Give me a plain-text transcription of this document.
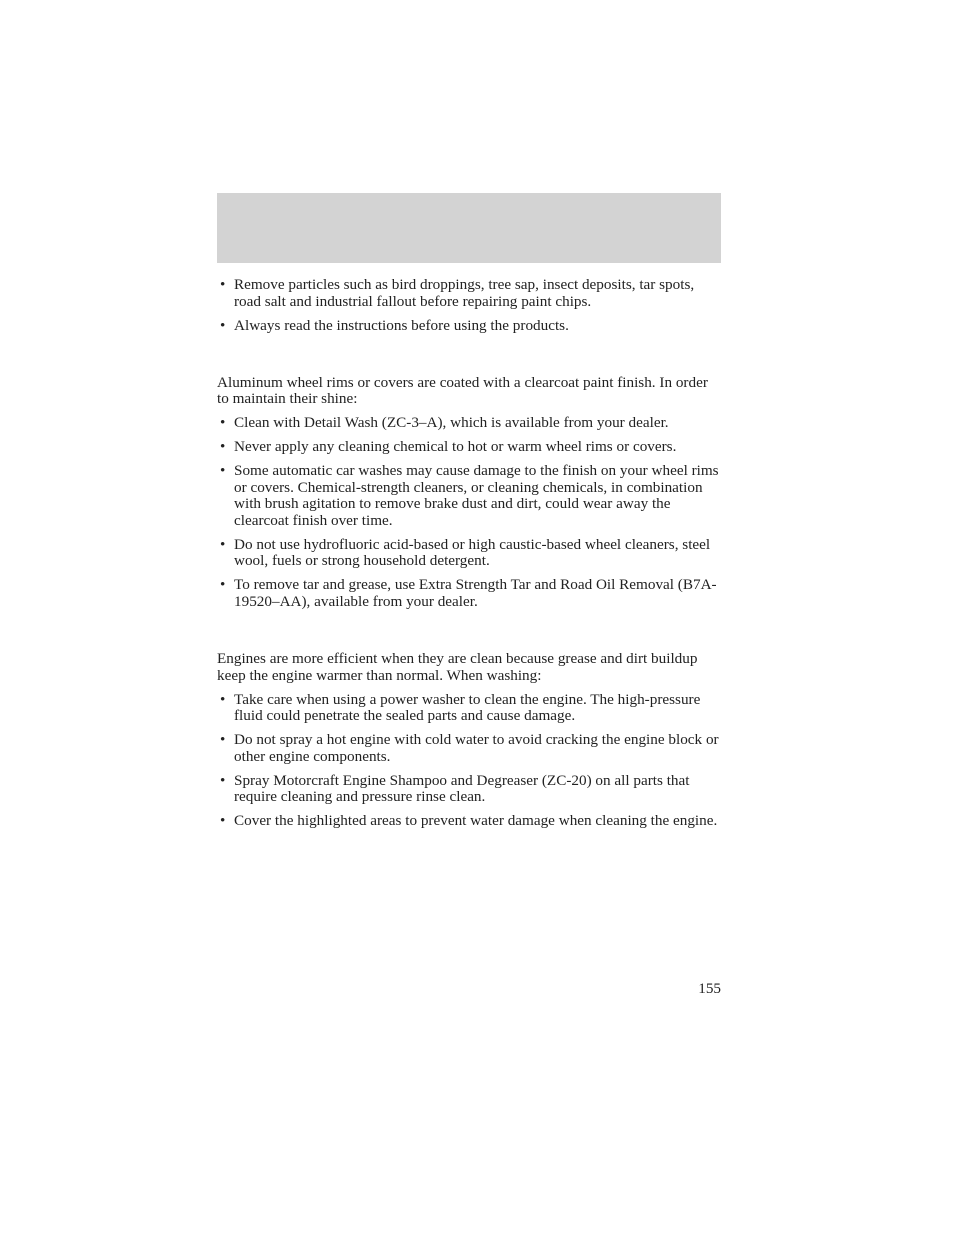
• Remove particles such as bird droppings, tree sap, insect deposits, tar spots, road salt and industrial fallout before repairing paint chips.
• Always read the instructions before using the products.

Aluminum wheel rims or covers are coated with a clearcoat paint finish. In order to maintain their shine:

• Clean with Detail Wash (ZC-3–A), which is available from your dealer.
• Never apply any cleaning chemical to hot or warm wheel rims or covers.
• Some automatic car washes may cause damage to the finish on your wheel rims or covers. Chemical-strength cleaners, or cleaning chemicals, in combination with brush agitation to remove brake dust and dirt, could wear away the clearcoat finish over time.
• Do not use hydrofluoric acid-based or high caustic-based wheel cleaners, steel wool, fuels or strong household detergent.
• To remove tar and grease, use Extra Strength Tar and Road Oil Removal (B7A-19520–AA), available from your dealer.

Engines are more efficient when they are clean because grease and dirt buildup keep the engine warmer than normal. When washing:

• Take care when using a power washer to clean the engine. The high-pressure fluid could penetrate the sealed parts and cause damage.
• Do not spray a hot engine with cold water to avoid cracking the engine block or other engine components.
• Spray Motorcraft Engine Shampoo and Degreaser (ZC-20) on all parts that require cleaning and pressure rinse clean.
• Cover the highlighted areas to prevent water damage when cleaning the engine.
155
